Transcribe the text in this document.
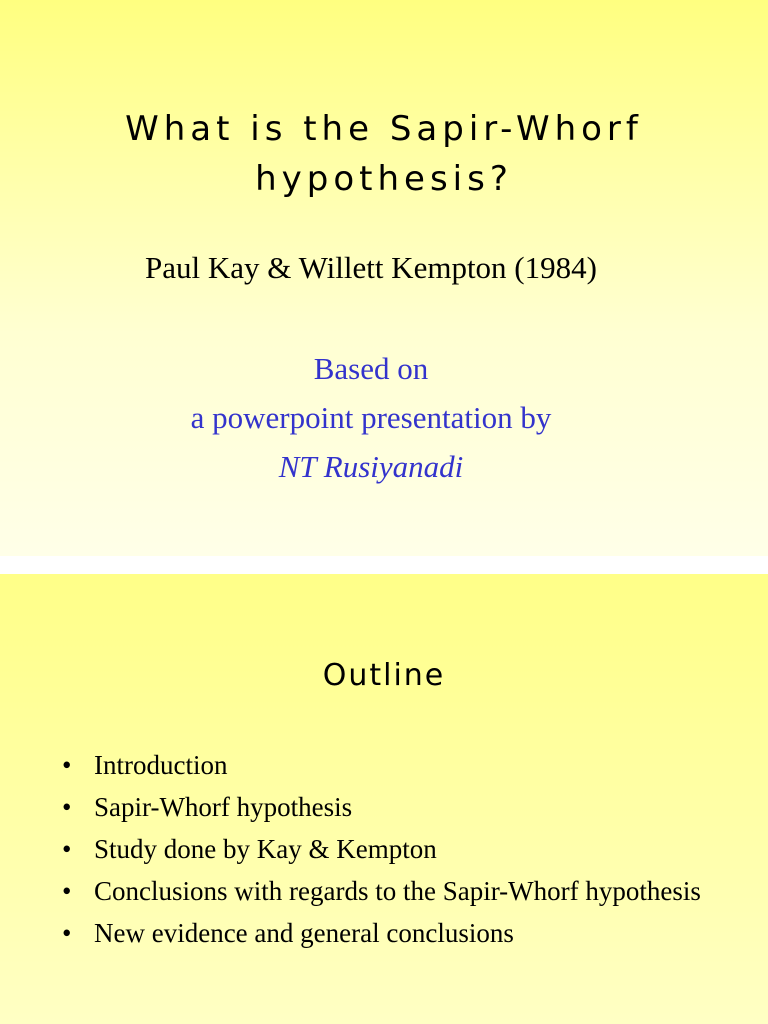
What is the Sapir-Whorf
hypothesis?
Paul Kay & Willett Kempton (1984)
Based on
a powerpoint presentation by
NT Rusiyanadi
Outline
• Introduction
• Sapir-Whorf hypothesis
• Study done by Kay & Kempton
• Conclusions with regards to the Sapir-Whorf hypothesis
• New evidence and general conclusions
